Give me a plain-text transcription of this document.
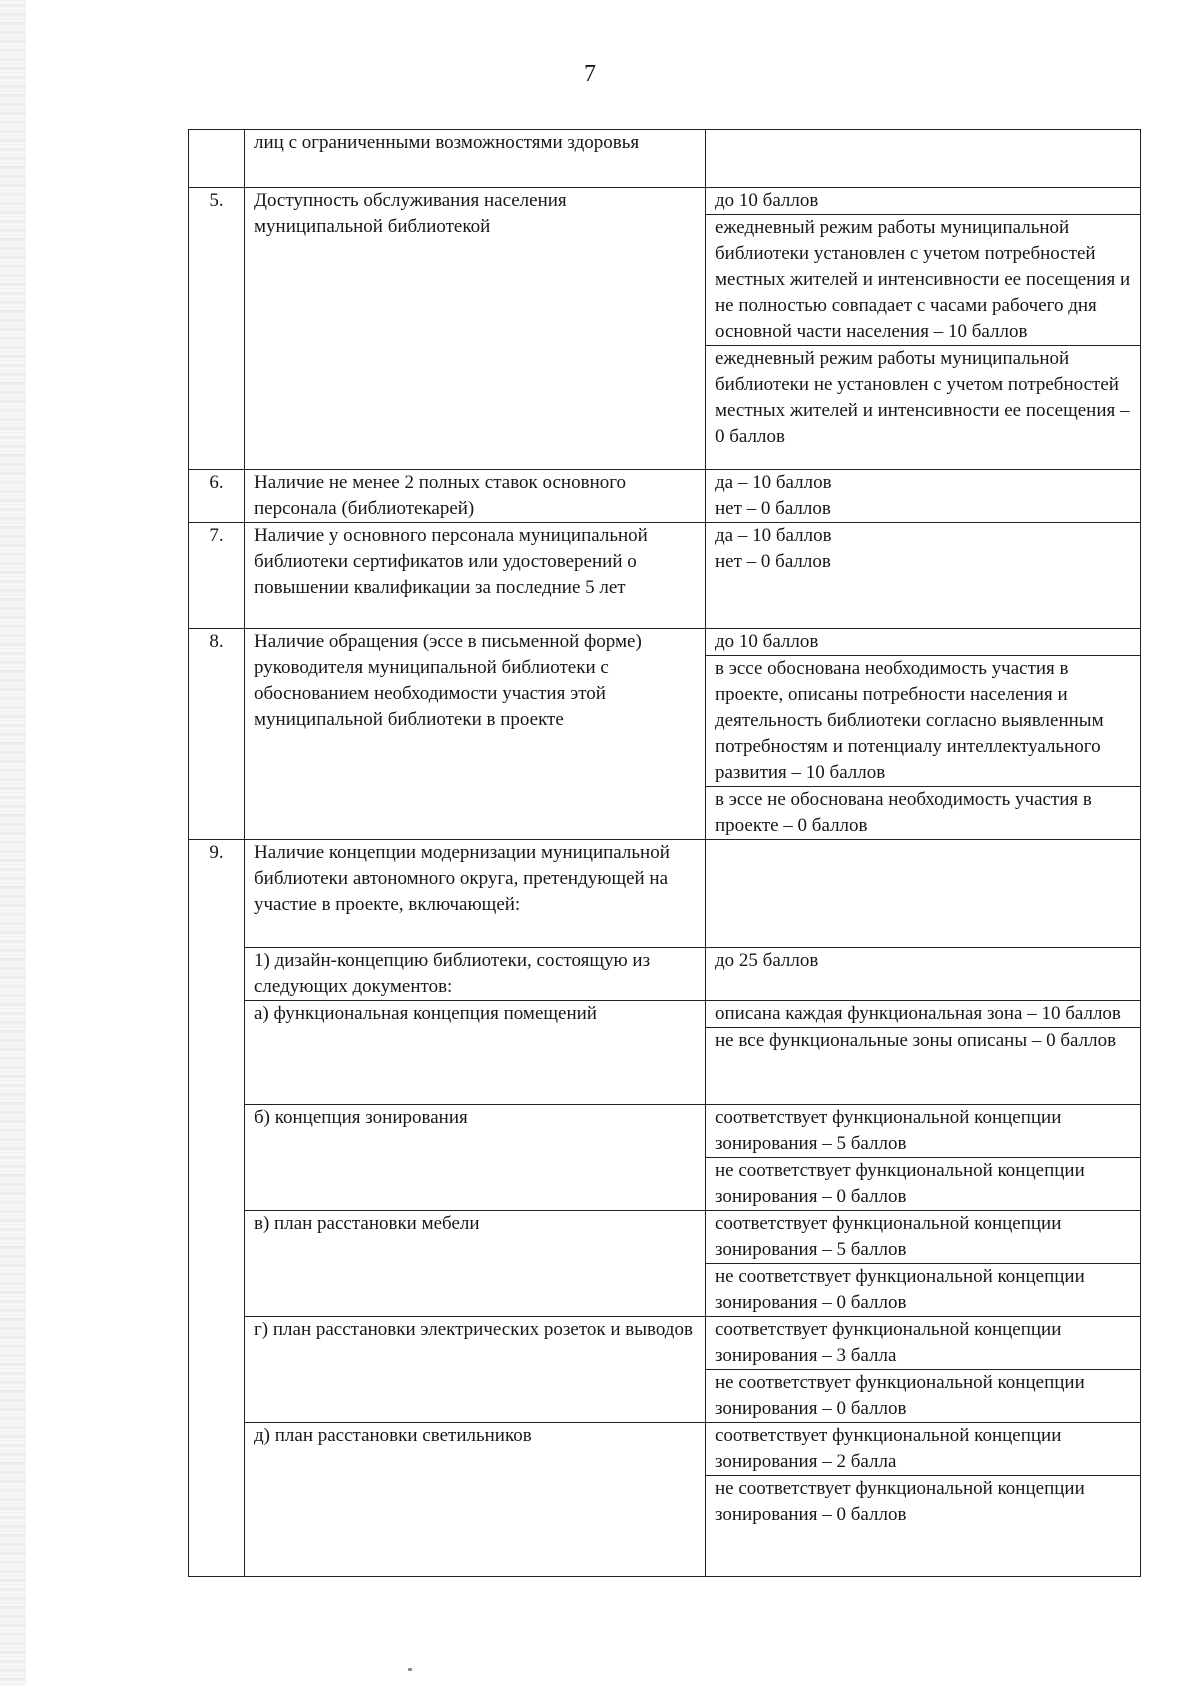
7
	лиц с ограниченными возможностями здоровья	
5.	Доступность обслуживания населения муниципальной библиотекой	до 10 баллов
ежедневный режим работы муниципальной библиотеки установлен с учетом потребностей местных жителей и интенсивности ее посещения и не полностью совпадает с часами рабочего дня основной части населения – 10 баллов
ежедневный режим работы муниципальной библиотеки не установлен с учетом потребностей местных жителей и интенсивности ее посещения – 0 баллов

6.	Наличие не менее 2 полных ставок основного персонала (библиотекарей)	да – 10 баллов
нет – 0 баллов

7.	Наличие у основного персонала муниципальной библиотеки сертификатов или удостоверений о повышении квалификации за последние 5 лет	да – 10 баллов
нет – 0 баллов

8.	Наличие обращения (эссе в письменной форме) руководителя муниципальной библиотеки с обоснованием необходимости участия этой муниципальной библиотеки в проекте	до 10 баллов
в эссе обоснована необходимость участия в проекте, описаны потребности населения и деятельность библиотеки согласно выявленным потребностям и потенциалу интеллектуального развития – 10 баллов
в эссе не обоснована необходимость участия в проекте – 0 баллов

9.	Наличие концепции модернизации муниципальной библиотеки автономного округа, претендующей на участие в проекте, включающей:	
	1) дизайн-концепцию библиотеки, состоящую из следующих документов:	до 25 баллов
	а) функциональная концепция помещений	описана каждая функциональная зона – 10 баллов
не все функциональные зоны описаны – 0 баллов

	б) концепция зонирования	соответствует функциональной концепции зонирования – 5 баллов
не соответствует функциональной концепции зонирования – 0 баллов

	в) план расстановки мебели	соответствует функциональной концепции зонирования – 5 баллов
не соответствует функциональной концепции зонирования – 0 баллов

	г) план расстановки электрических розеток и выводов	соответствует функциональной концепции зонирования – 3 балла
не соответствует функциональной концепции зонирования – 0 баллов

	д) план расстановки светильников	соответствует функциональной концепции зонирования – 2 балла
не соответствует функциональной концепции зонирования – 0 баллов
